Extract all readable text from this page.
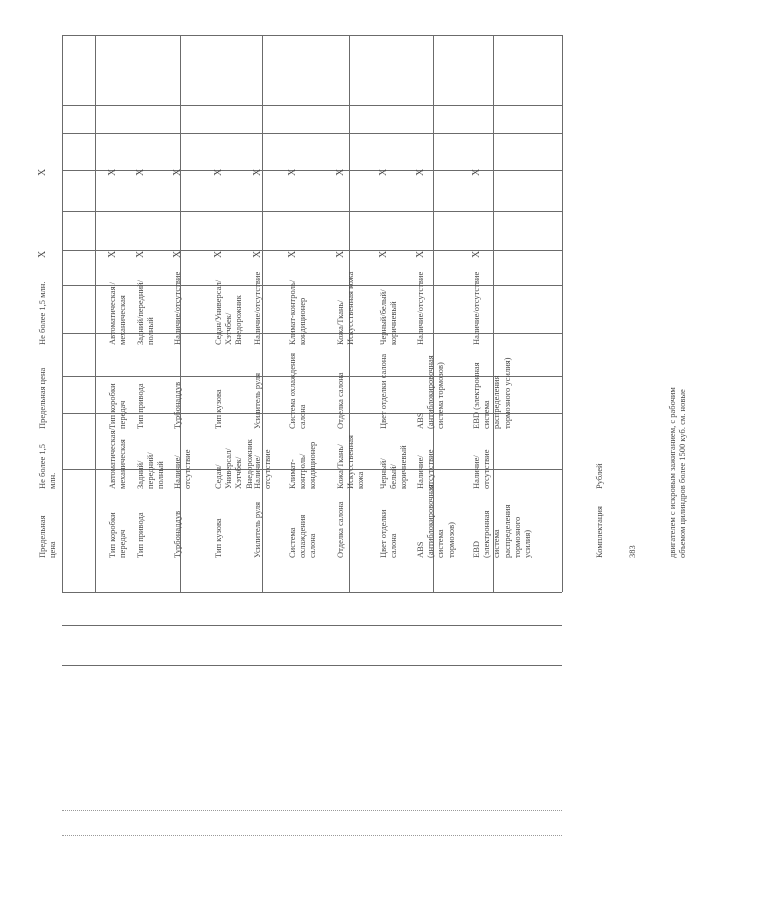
Предельная цена
Не более 1,5 млн.
Предельная цена
Не более 1,5 млн.
Х
Х
Тип коробки передач
Автоматическая/механическая
Тип коробки передач
Автоматическая /механическая
Х
Х
Тип привода
Задний/передний/полный
Тип привода
Задний/передний/полный
Х
Х
Турбонаддув
Наличие/отсутствие
Турбонаддув
Наличие/отсутствие
Х
Х
Тип кузова
Седан/Универсал/ Хэтчбек/ Внедорожник
Тип кузова
Седан/Универсал/ Хэтчбек/ Внедорожник
Х
Х
Усилитель руля
Наличие/отсутствие
Усилитель руля
Наличие/отсутствие
Х
Х
Система охлаждения салона
Климат-контроль/ кондиционер
Система охлаждения салона
Климат-контроль/ кондиционер
Х
Х
Отделка салона
Кожа/Ткань/ Искусственная кожа
Отделка салона
Кожа/Ткань/ Искусственная кожа
Х
Х
Цвет отделки салона
Черный/белый/коричневый
Цвет отделки салона
Черный/белый/ коричневый
Х
Х
ABS (антиблокировочная система тормозов)
Наличие/отсутствие
ABS (антиблокировочная система тормозов)
Наличие/отсутствие
Х
Х
EBD (электронная система распределения тормозного усилия)
Наличие/отсутствие
EBD (электронная система распределения тормозного усилия)
Наличие/отсутствие
Х
Х
Комплектация
Рублей
383	двигателем с искровым зажиганием, с рабочим объемом цилиндров более 1500 куб. см. новые
